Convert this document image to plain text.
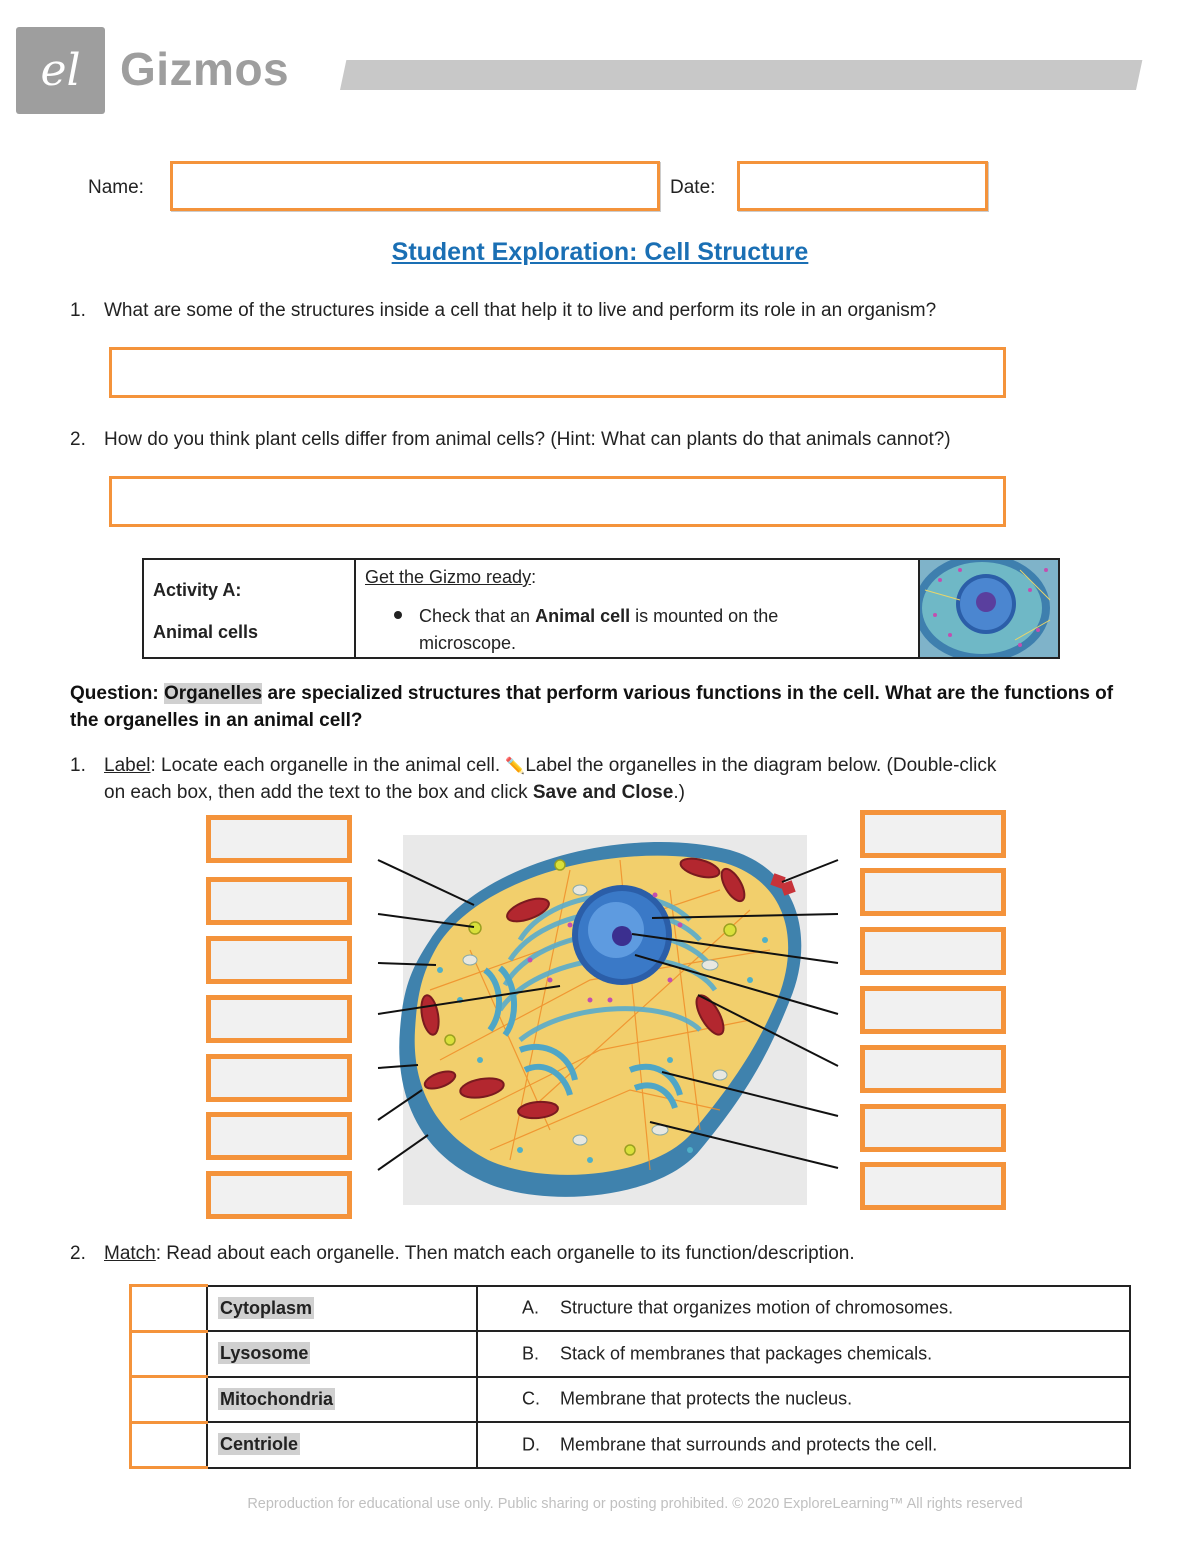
el Gizmos
Name:	Date:
Student Exploration: Cell Structure
1. What are some of the structures inside a cell that help it to live and perform its role in an organism?
2. How do you think plant cells differ from animal cells? (Hint: What can plants do that animals cannot?)
Activity A:
Animal cells
Get the Gizmo ready:
Check that an Animal cell is mounted on the
microscope.
Question: Organelles are specialized structures that perform various functions in the cell. What are the functions of the organelles in an animal cell?
1. Label: Locate each organelle in the animal cell. ✏️Label the organelles in the diagram below. (Double-click
on each box, then add the text to the box and click Save and Close.)
2. Match: Read about each organelle. Then match each organelle to its function/description.
	Cytoplasm	A. Structure that organizes motion of chromosomes.

	Lysosome	B. Stack of membranes that packages chemicals.

	Mitochondria	C. Membrane that protects the nucleus.

	Centriole	D. Membrane that surrounds and protects the cell.
Reproduction for educational use only. Public sharing or posting prohibited. © 2020 ExploreLearning™ All rights reserved
